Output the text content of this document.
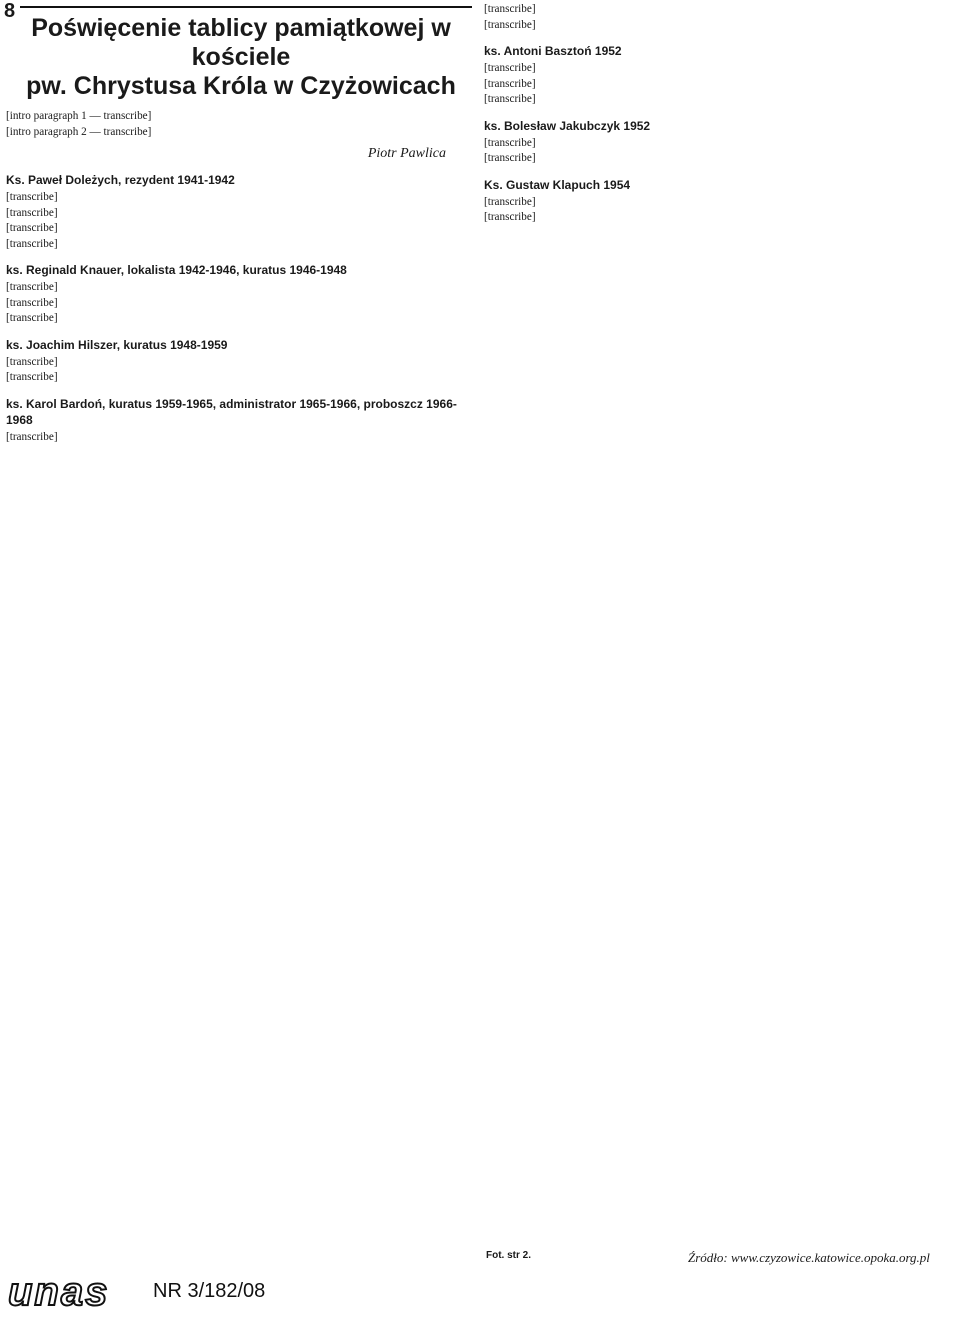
8
Poświęcenie tablicy pamiątkowej w kościele
pw. Chrystusa Króla w Czyżowicach

[intro paragraph 1 — transcribe]

[intro paragraph 2 — transcribe]

Piotr Pawlica
Ks. Paweł Doleżych, rezydent 1941-1942

[transcribe]

[transcribe]

[transcribe]

[transcribe]

ks. Reginald Knauer, lokalista 1942-1946, kuratus 1946-1948

[transcribe]

[transcribe]

[transcribe]

ks. Joachim Hilszer, kuratus 1948-1959

[transcribe]

[transcribe]

ks. Karol Bardoń, kuratus 1959-1965, administrator 1965-1966, proboszcz 1966-1968

[transcribe]

[transcribe]

[transcribe]

ks. Antoni Basztoń 1952

[transcribe]

[transcribe]

[transcribe]

ks. Bolesław Jakubczyk 1952

[transcribe]

[transcribe]

Ks. Gustaw Klapuch 1954

[transcribe]

[transcribe]

unas NR 3/182/08
Fot. str 2.	Źródło: www.czyzowice.katowice.opoka.org.pl
